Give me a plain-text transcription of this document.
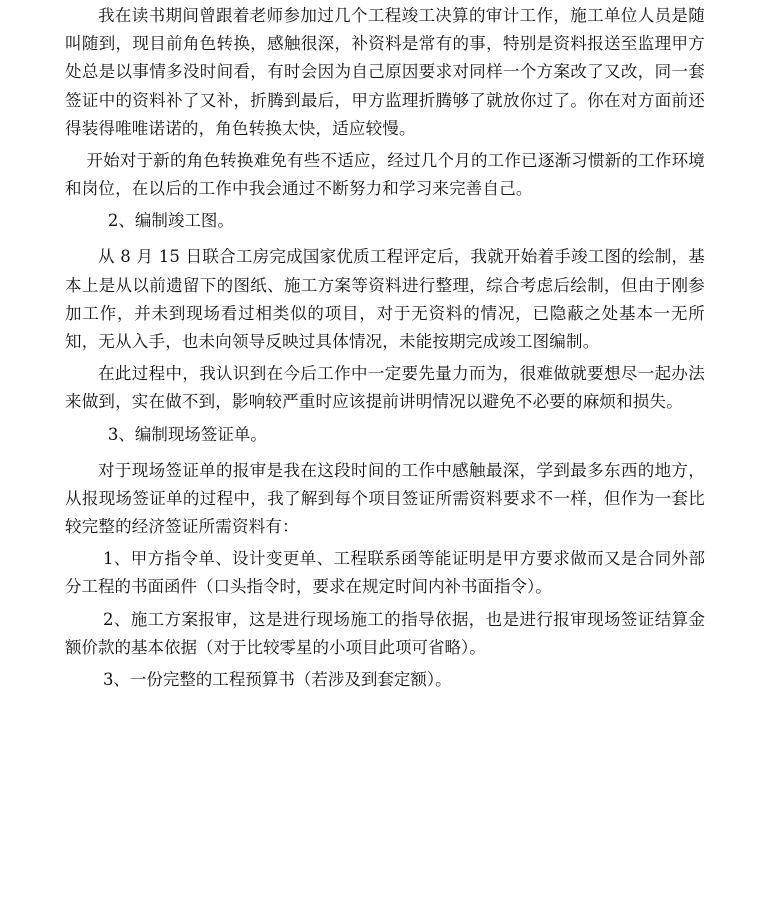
我在读书期间曾跟着老师参加过几个工程竣工决算的审计工作，施工单位人员是随叫随到，现目前角色转换，感触很深，补资料是常有的事，特别是资料报送至监理甲方处总是以事情多没时间看，有时会因为自己原因要求对同样一个方案改了又改，同一套签证中的资料补了又补，折腾到最后，甲方监理折腾够了就放你过了。你在对方面前还得装得唯唯诺诺的，角色转换太快，适应较慢。

开始对于新的角色转换难免有些不适应，经过几个月的工作已逐渐习惯新的工作环境和岗位，在以后的工作中我会通过不断努力和学习来完善自己。

2、编制竣工图。

从 8 月 15 日联合工房完成国家优质工程评定后，我就开始着手竣工图的绘制，基本上是从以前遗留下的图纸、施工方案等资料进行整理，综合考虑后绘制，但由于刚参加工作，并未到现场看过相类似的项目，对于无资料的情况，已隐蔽之处基本一无所知，无从入手，也未向领导反映过具体情况，未能按期完成竣工图编制。

在此过程中，我认识到在今后工作中一定要先量力而为，很难做就要想尽一起办法来做到，实在做不到，影响较严重时应该提前讲明情况以避免不必要的麻烦和损失。

3、编制现场签证单。

对于现场签证单的报审是我在这段时间的工作中感触最深，学到最多东西的地方，从报现场签证单的过程中，我了解到每个项目签证所需资料要求不一样，但作为一套比较完整的经济签证所需资料有：

1、甲方指令单、设计变更单、工程联系函等能证明是甲方要求做而又是合同外部分工程的书面函件（口头指令时，要求在规定时间内补书面指令）。

2、施工方案报审，这是进行现场施工的指导依据，也是进行报审现场签证结算金额价款的基本依据（对于比较零星的小项目此项可省略）。

3、一份完整的工程预算书（若涉及到套定额）。
